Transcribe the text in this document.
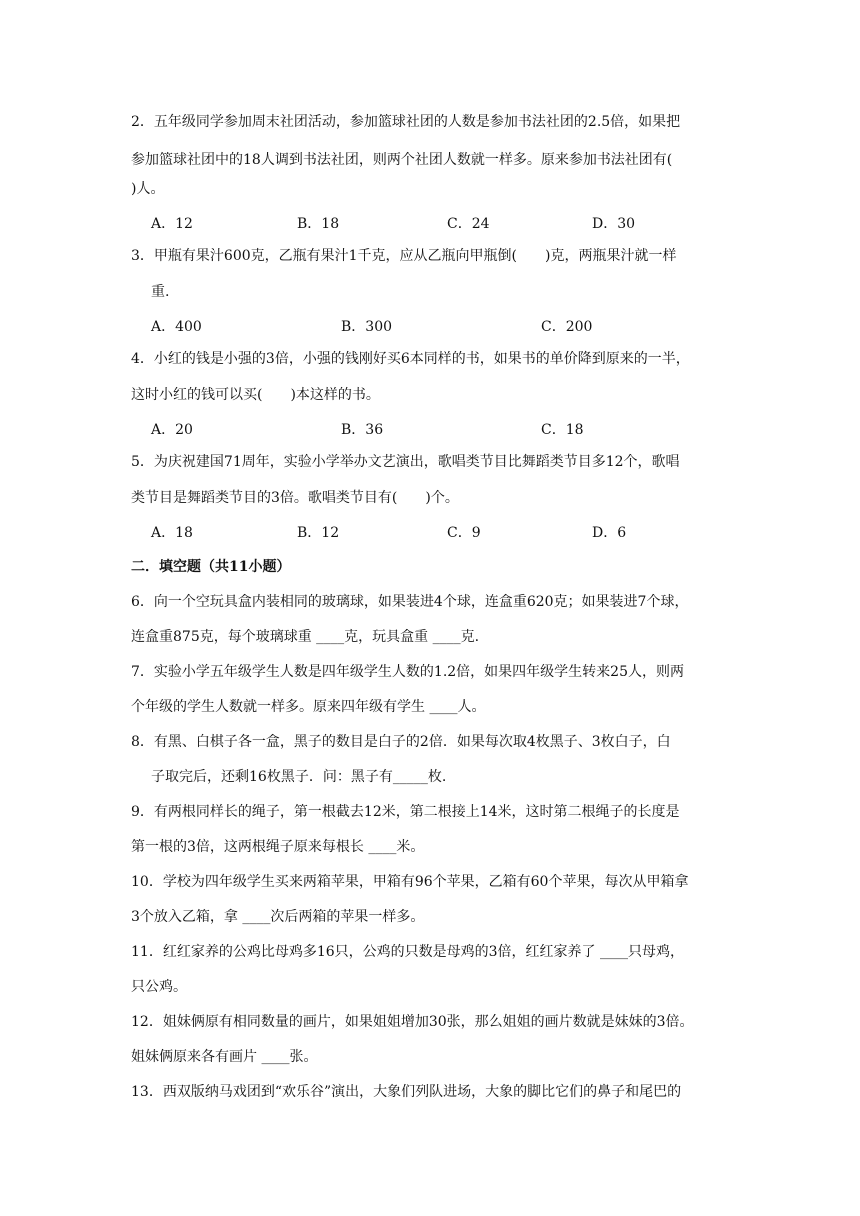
2．五年级同学参加周末社团活动，参加篮球社团的人数是参加书法社团的2.5倍，如果把
参加篮球社团中的18人调到书法社团，则两个社团人数就一样多。原来参加书法社团有(
)人。
A．12	B．18	C．24	D．30
3．甲瓶有果汁600克，乙瓶有果汁1千克，应从乙瓶向甲瓶倒(　　)克，两瓶果汁就一样
重.
A．400	B．300	C．200
4．小红的钱是小强的3倍，小强的钱刚好买6本同样的书，如果书的单价降到原来的一半，
这时小红的钱可以买(　　)本这样的书。
A．20	B．36	C．18
5．为庆祝建国71周年，实验小学举办文艺演出，歌唱类节目比舞蹈类节目多12个，歌唱
类节目是舞蹈类节目的3倍。歌唱类节目有(　　)个。
A．18	B．12	C．9	D．6
二．填空题（共11小题）
6．向一个空玩具盒内装相同的玻璃球，如果装进4个球，连盒重620克；如果装进7个球，
连盒重875克，每个玻璃球重 ____克，玩具盒重 ____克.
7．实验小学五年级学生人数是四年级学生人数的1.2倍，如果四年级学生转来25人，则两
个年级的学生人数就一样多。原来四年级有学生 ____人。
8．有黑、白棋子各一盒，黑子的数目是白子的2倍．如果每次取4枚黑子、3枚白子，白
子取完后，还剩16枚黑子．问：黑子有_____枚.
9．有两根同样长的绳子，第一根截去12米，第二根接上14米，这时第二根绳子的长度是
第一根的3倍，这两根绳子原来每根长 ____米。
10．学校为四年级学生买来两箱苹果，甲箱有96个苹果，乙箱有60个苹果，每次从甲箱拿
3个放入乙箱，拿 ____次后两箱的苹果一样多。
11．红红家养的公鸡比母鸡多16只，公鸡的只数是母鸡的3倍，红红家养了 ____只母鸡，
只公鸡。
12．姐妹俩原有相同数量的画片，如果姐姐增加30张，那么姐姐的画片数就是妹妹的3倍。
姐妹俩原来各有画片 ____张。
13．西双版纳马戏团到“欢乐谷”演出，大象们列队进场，大象的脚比它们的鼻子和尾巴的
